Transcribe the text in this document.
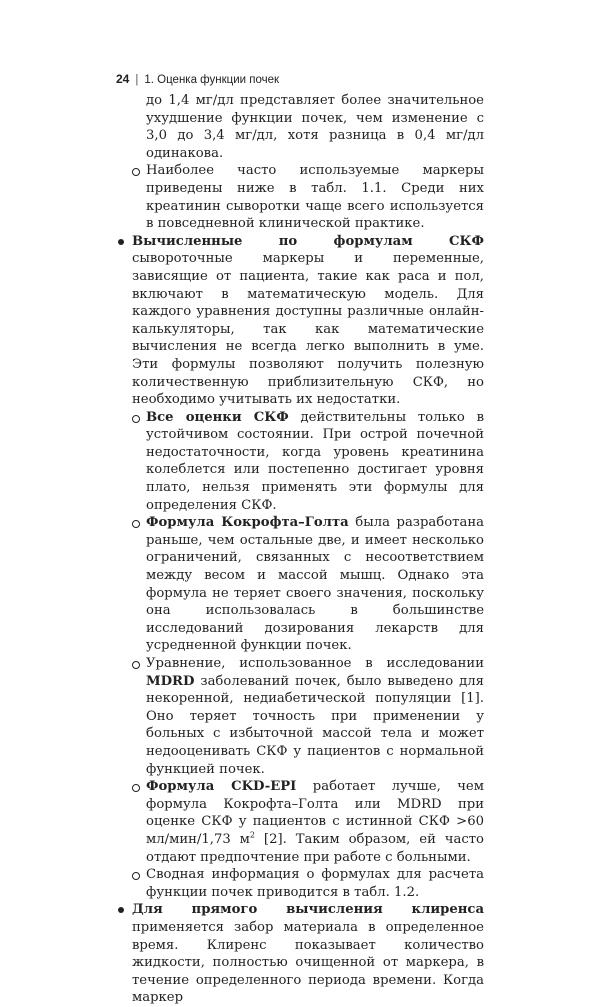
24 | 1. Оценка функции почек

до 1,4 мг/дл представляет более значительное ухудшение функции почек, чем изменение с 3,0 до 3,4 мг/дл, хотя разница в 0,4 мг/дл одинакова.

Наиболее часто используемые маркеры приведены ниже в табл. 1.1. Среди них креатинин сыворотки чаще всего используется в повседневной клинической практике.

Вычисленные по формулам СКФ сывороточные маркеры и переменные, зависящие от пациента, такие как раса и пол, включают в математическую модель. Для каждого уравнения доступны различные онлайн-калькуляторы, так как математические вычисления не всегда легко выполнить в уме. Эти формулы позволяют получить полезную количественную приблизительную СКФ, но необходимо учитывать их недостатки.

Все оценки СКФ действительны только в устойчивом состоянии. При острой почечной недостаточности, когда уровень креатинина колеблется или постепенно достигает уровня плато, нельзя применять эти формулы для определения СКФ.

Формула Кокрофта–Голта была разработана раньше, чем остальные две, и имеет несколько ограничений, связанных с несоответствием между весом и массой мышц. Однако эта формула не теряет своего значения, поскольку она использовалась в большинстве исследований дозирования лекарств для усредненной функции почек.

Уравнение, использованное в исследовании MDRD заболеваний почек, было выведено для некоренной, недиабетической популяции [1]. Оно теряет точность при применении у больных с избыточной массой тела и может недооценивать СКФ у пациентов с нормальной функцией почек.

Формула CKD-EPI работает лучше, чем формула Кокрофта–Голта или MDRD при оценке СКФ у пациентов с истинной СКФ >60 мл/мин/1,73 $м^2$ [2]. Таким образом, ей часто отдают предпочтение при работе с больными.

Сводная информация о формулах для расчета функции почек приводится в табл. 1.2.

Для прямого вычисления клиренса применяется забор материала в определенное время. Клиренс показывает количество жидкости, полностью очищенной от маркера, в течение определенного периода времени. Когда маркер
